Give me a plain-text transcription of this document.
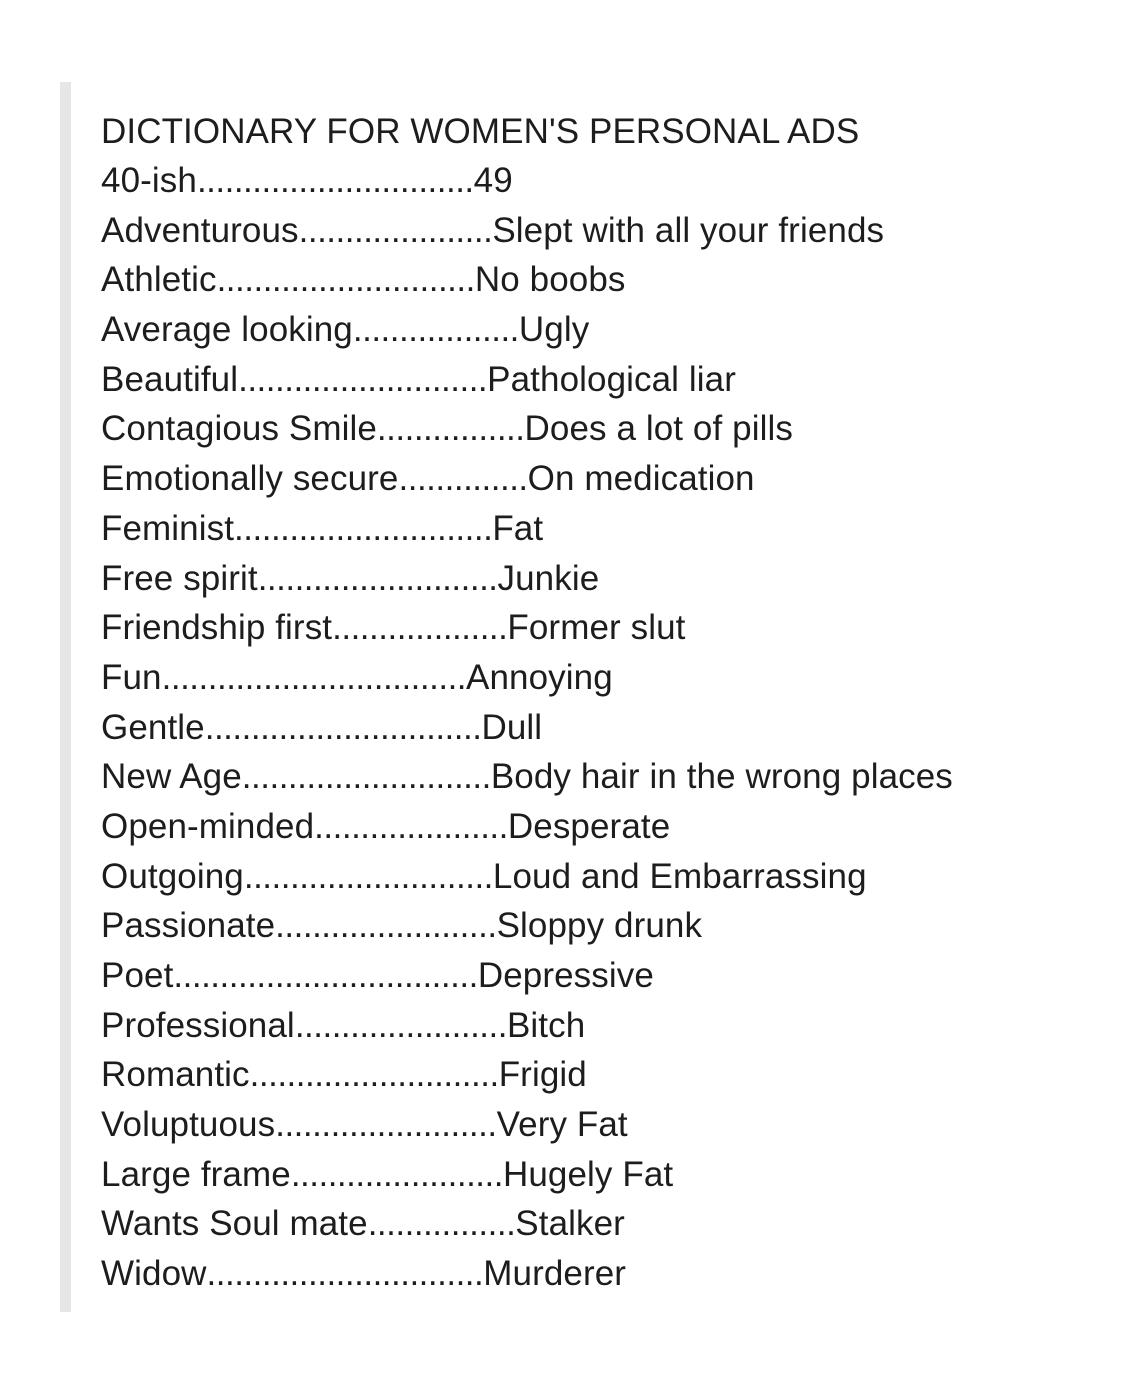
DICTIONARY FOR WOMEN'S PERSONAL ADS
40-ish..............................49
Adventurous.....................Slept with all your friends
Athletic............................No boobs
Average looking..................Ugly
Beautiful...........................Pathological liar
Contagious Smile................Does a lot of pills
Emotionally secure..............On medication
Feminist............................Fat
Free spirit..........................Junkie
Friendship first...................Former slut
Fun.................................Annoying
Gentle..............................Dull
New Age...........................Body hair in the wrong places
Open-minded.....................Desperate
Outgoing...........................Loud and Embarrassing
Passionate........................Sloppy drunk
Poet.................................Depressive
Professional.......................Bitch
Romantic...........................Frigid
Voluptuous........................Very Fat
Large frame.......................Hugely Fat
Wants Soul mate................Stalker
Widow..............................Murderer
